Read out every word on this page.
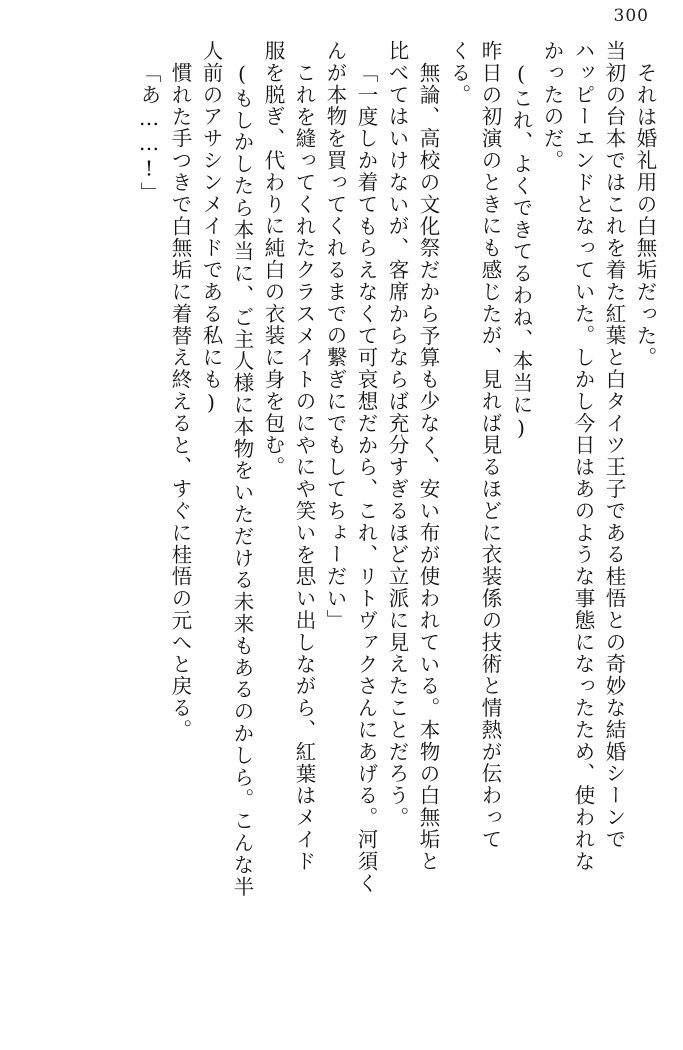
300
それは婚礼用の白無垢だった。
当初の台本ではこれを着た紅葉と白タイツ王子である桂悟との奇妙な結婚シーンで
ハッピーエンドとなっていた。しかし今日はあのような事態になったため、使われな
かったのだ。
(これ、よくできてるわね、本当に)
昨日の初演のときにも感じたが、見れば見るほどに衣装係の技術と情熱が伝わって
くる。
無論、高校の文化祭だから予算も少なく、安い布が使われている。本物の白無垢と
比べてはいけないが、客席からならば充分すぎるほど立派に見えたことだろう。
「一度しか着てもらえなくて可哀想だから、これ、リトヴァクさんにあげる。河須く
んが本物を買ってくれるまでの繋ぎにでもしてちょーだい」
これを縫ってくれたクラスメイトのにやにや笑いを思い出しながら、紅葉はメイド
服を脱ぎ、代わりに純白の衣装に身を包む。
(もしかしたら本当に、ご主人様に本物をいただける未来もあるのかしら。こんな半
人前のアサシンメイドである私にも)
慣れた手つきで白無垢に着替え終えると、すぐに桂悟の元へと戻る。
「あ……!」
